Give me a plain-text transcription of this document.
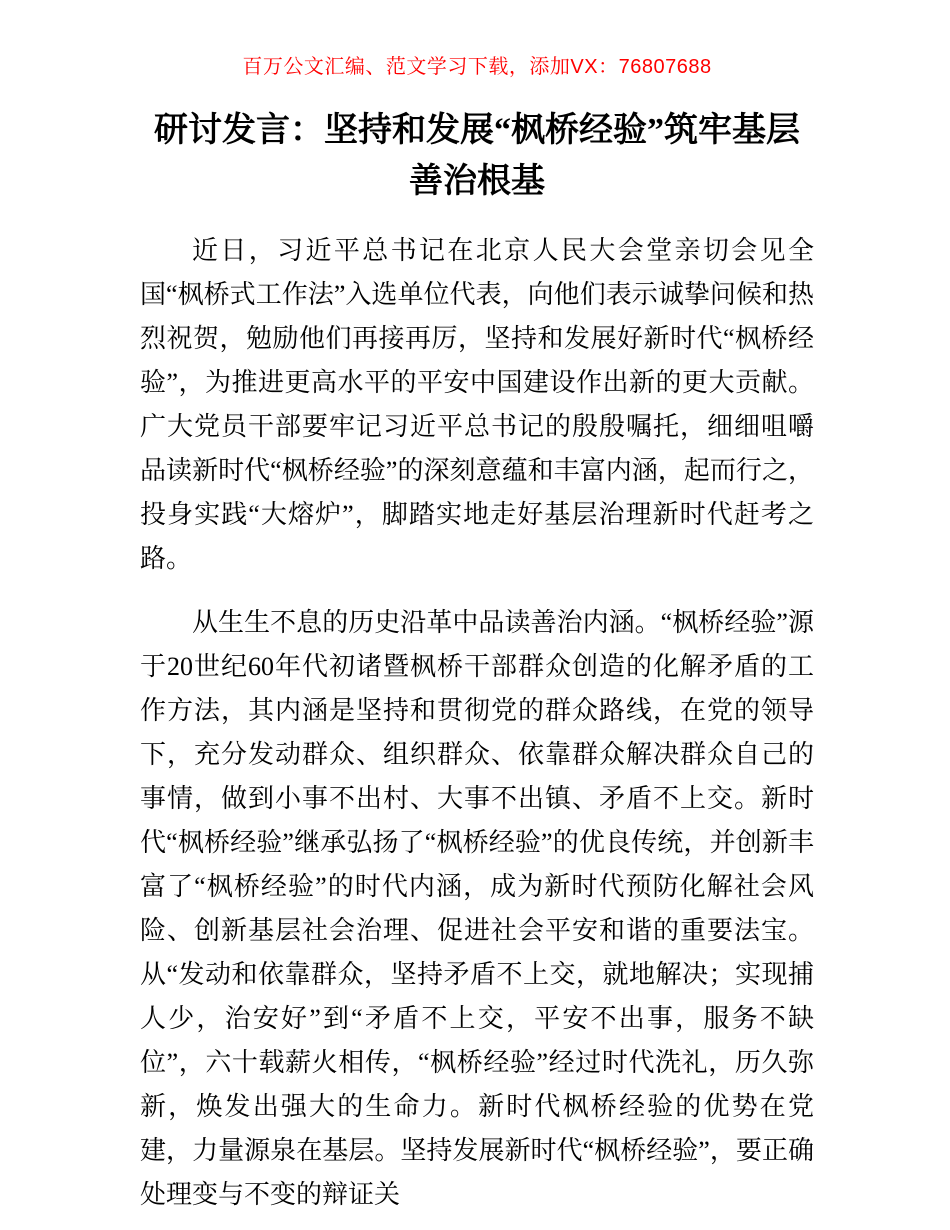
百万公文汇编、范文学习下载，添加VX：76807688
研讨发言：坚持和发展“枫桥经验”筑牢基层善治根基

近日，习近平总书记在北京人民大会堂亲切会见全国“枫桥式工作法”入选单位代表，向他们表示诚挚问候和热烈祝贺，勉励他们再接再厉，坚持和发展好新时代“枫桥经验”，为推进更高水平的平安中国建设作出新的更大贡献。广大党员干部要牢记习近平总书记的殷殷嘱托，细细咀嚼品读新时代“枫桥经验”的深刻意蕴和丰富内涵，起而行之，投身实践“大熔炉”，脚踏实地走好基层治理新时代赶考之路。

从生生不息的历史沿革中品读善治内涵。“枫桥经验”源于20世纪60年代初诸暨枫桥干部群众创造的化解矛盾的工作方法，其内涵是坚持和贯彻党的群众路线，在党的领导下，充分发动群众、组织群众、依靠群众解决群众自己的事情，做到小事不出村、大事不出镇、矛盾不上交。新时代“枫桥经验”继承弘扬了“枫桥经验”的优良传统，并创新丰富了“枫桥经验”的时代内涵，成为新时代预防化解社会风险、创新基层社会治理、促进社会平安和谐的重要法宝。从“发动和依靠群众，坚持矛盾不上交，就地解决；实现捕人少，治安好”到“矛盾不上交，平安不出事，服务不缺位”，六十载薪火相传，“枫桥经验”经过时代洗礼，历久弥新，焕发出强大的生命力。新时代枫桥经验的优势在党建，力量源泉在基层。坚持发展新时代“枫桥经验”，要正确处理变与不变的辩证关
